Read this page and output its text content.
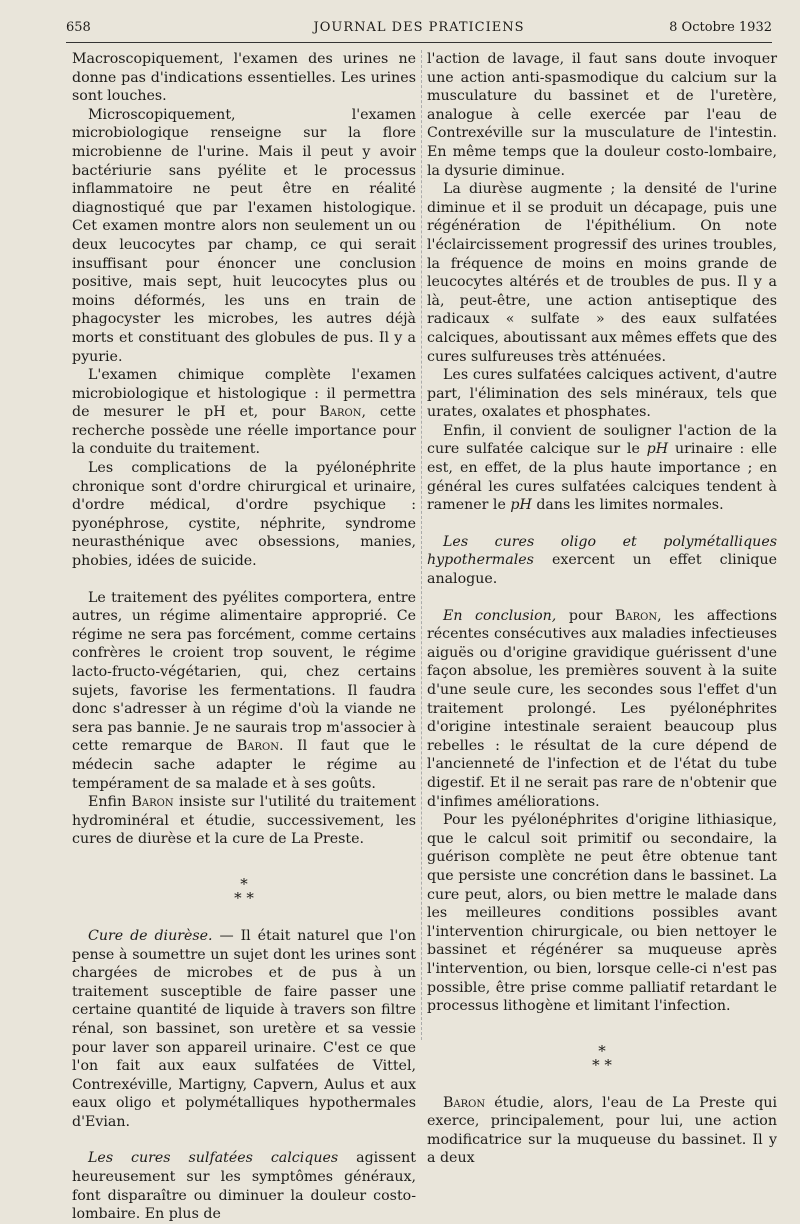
658	JOURNAL DES PRATICIENS	8 Octobre 1932

Macroscopiquement, l'examen des urines ne donne pas d'indications essentielles. Les urines sont louches.

Microscopiquement, l'examen microbiologique renseigne sur la flore microbienne de l'urine. Mais il peut y avoir bactériurie sans pyélite et le processus inflammatoire ne peut être en réalité diagnostiqué que par l'examen histologique. Cet examen montre alors non seulement un ou deux leucocytes par champ, ce qui serait insuffisant pour énoncer une conclusion positive, mais sept, huit leucocytes plus ou moins déformés, les uns en train de phagocyster les microbes, les autres déjà morts et constituant des globules de pus. Il y a pyurie.

L'examen chimique complète l'examen microbiologique et histologique : il permettra de mesurer le pH et, pour Baron, cette recherche possède une réelle importance pour la conduite du traitement.

Les complications de la pyélonéphrite chronique sont d'ordre chirurgical et urinaire, d'ordre médical, d'ordre psychique : pyonéphrose, cystite, néphrite, syndrome neurasthénique avec obsessions, manies, phobies, idées de suicide.

Le traitement des pyélites comportera, entre autres, un régime alimentaire approprié. Ce régime ne sera pas forcément, comme certains confrères le croient trop souvent, le régime lacto-fructo-végétarien, qui, chez certains sujets, favorise les fermentations. Il faudra donc s'adresser à un régime d'où la viande ne sera pas bannie. Je ne saurais trop m'associer à cette remarque de Baron. Il faut que le médecin sache adapter le régime au tempérament de sa malade et à ses goûts.

Enfin Baron insiste sur l'utilité du traitement hydrominéral et étudie, successivement, les cures de diurèse et la cure de La Preste.

*
* *

Cure de diurèse. — Il était naturel que l'on pense à soumettre un sujet dont les urines sont chargées de microbes et de pus à un traitement susceptible de faire passer une certaine quantité de liquide à travers son filtre rénal, son bassinet, son uretère et sa vessie pour laver son appareil urinaire. C'est ce que l'on fait aux eaux sulfatées de Vittel, Contrexéville, Martigny, Capvern, Aulus et aux eaux oligo et polymétalliques hypothermales d'Evian.

Les cures sulfatées calciques agissent heureusement sur les symptômes généraux, font disparaître ou diminuer la douleur costo-lombaire. En plus de

l'action de lavage, il faut sans doute invoquer une action anti-spasmodique du calcium sur la musculature du bassinet et de l'uretère, analogue à celle exercée par l'eau de Contrexéville sur la musculature de l'intestin. En même temps que la douleur costo-lombaire, la dysurie diminue.

La diurèse augmente ; la densité de l'urine diminue et il se produit un décapage, puis une régénération de l'épithélium. On note l'éclaircissement progressif des urines troubles, la fréquence de moins en moins grande de leucocytes altérés et de troubles de pus. Il y a là, peut-être, une action antiseptique des radicaux « sulfate » des eaux sulfatées calciques, aboutissant aux mêmes effets que des cures sulfureuses très atténuées.

Les cures sulfatées calciques activent, d'autre part, l'élimination des sels minéraux, tels que urates, oxalates et phosphates.

Enfin, il convient de souligner l'action de la cure sulfatée calcique sur le pH urinaire : elle est, en effet, de la plus haute importance ; en général les cures sulfatées calciques tendent à ramener le pH dans les limites normales.

Les cures oligo et polymétalliques hypothermales exercent un effet clinique analogue.

En conclusion, pour Baron, les affections récentes consécutives aux maladies infectieuses aiguës ou d'origine gravidique guérissent d'une façon absolue, les premières souvent à la suite d'une seule cure, les secondes sous l'effet d'un traitement prolongé. Les pyélonéphrites d'origine intestinale seraient beaucoup plus rebelles : le résultat de la cure dépend de l'ancienneté de l'infection et de l'état du tube digestif. Et il ne serait pas rare de n'obtenir que d'infimes améliorations.

Pour les pyélonéphrites d'origine lithiasique, que le calcul soit primitif ou secondaire, la guérison complète ne peut être obtenue tant que persiste une concrétion dans le bassinet. La cure peut, alors, ou bien mettre le malade dans les meilleures conditions possibles avant l'intervention chirurgicale, ou bien nettoyer le bassinet et régénérer sa muqueuse après l'intervention, ou bien, lorsque celle-ci n'est pas possible, être prise comme palliatif retardant le processus lithogène et limitant l'infection.

*
* *

Baron étudie, alors, l'eau de La Preste qui exerce, principalement, pour lui, une action modificatrice sur la muqueuse du bassinet. Il y a deux
